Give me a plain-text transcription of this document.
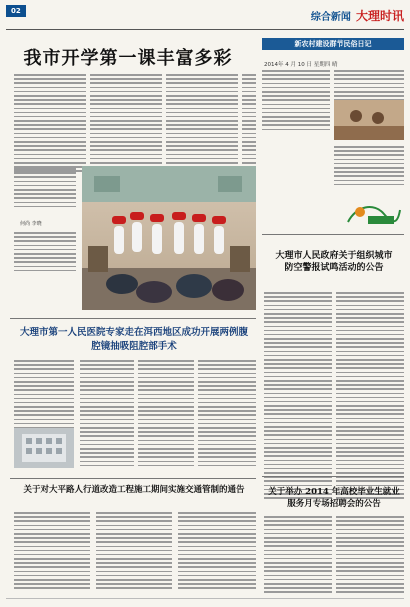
02
综合新闻 大理时讯
我市开学第一课丰富多彩
何尚 李晓
新农村建设群节民俗日记
2014年 4 月 10 日 星期四 晴
大理市人民政府关于组织城市防空警报试鸣活动的公告
大理市第一人民医院专家走在洱西地区成功开展两例腹腔镜抽吸阻腔部手术
关于对大平路人行道改造工程施工期间实施交通管制的通告	关于举办 2014 年高校毕业生就业服务月专场招聘会的公告
